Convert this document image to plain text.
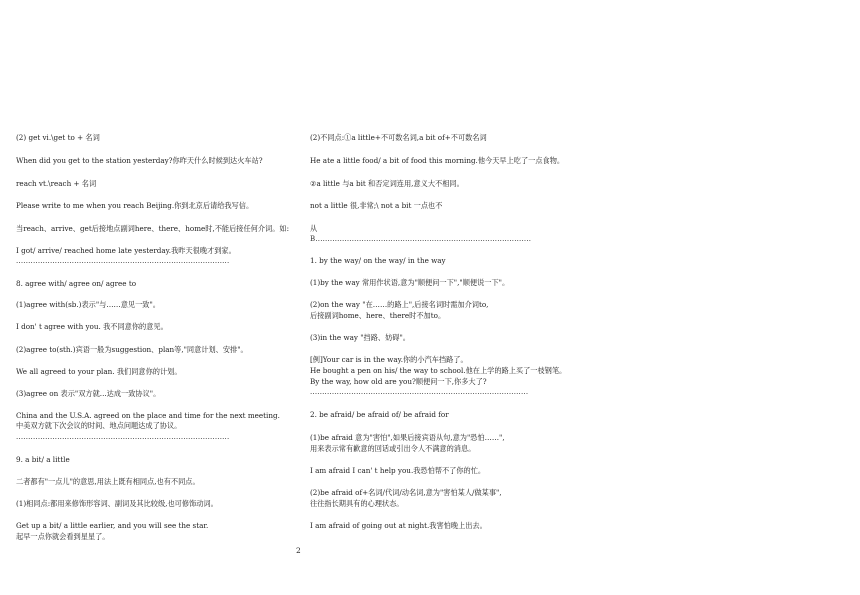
(2) get vi.\get to + 名词
When did you get to the station yesterday?你昨天什么时候到达火车站?
reach vt.\reach + 名词
Please write to me when you reach Beijing.你到北京后请给我写信。
当reach、arrive、get后接地点副词here、there、home时,不能后接任何介词。如:
I got/ arrive/ reached home late yesterday.我昨天很晚才到家。
........................................................................................
8. agree with/ agree on/ agree to
(1)agree with(sb.)表示"与……意见一致"。
I don' t agree with you. 我不同意你的意见。
(2)agree to(sth.)宾语一般为suggestion、plan等,"同意计划、安排"。
We all agreed to your plan. 我们同意你的计划。
(3)agree on 表示"双方就...达成一致协议"。
China and the U.S.A. agreed on the place and time for the next meeting.
中美双方就下次会议的时间、地点问题达成了协议。
........................................................................................
9. a bit/ a little
二者都有"一点儿"的意思,用法上既有相同点,也有不同点。
(1)相同点:都用来修饰形容词、副词及其比较级,也可修饰动词。
Get up a bit/ a little earlier, and you will see the star.
起早一点你就会看到星星了。
(2)不同点:①a little+不可数名词,a bit of+不可数名词
He ate a little food/ a bit of food this morning.他今天早上吃了一点食物。
②a little 与a bit 和否定词连用,意义大不相同。
not a little 很,非常;\ not a bit 一点也不
从
B.........................................................................................
1. by the way/ on the way/ in the way
(1)by the way 常用作状语,意为"顺便问一下","顺便说一下"。
(2)on the way "在……的路上",后接名词时需加介词to,
后接副词home、here、there时不加to。
(3)in the way "挡路、妨碍"。
[例]Your car is in the way.你的小汽车挡路了。
He bought a pen on his/ the way to school.他在上学的路上买了一枝钢笔。
By the way, how old are you?顺便问一下,你多大了?
..........................................................................................
2. be afraid/ be afraid of/ be afraid for
(1)be afraid 意为"害怕",如果后接宾语从句,意为"恐怕……",
用来表示常有歉意的回话或引出令人不满意的消息。
I am afraid I can' t help you.我恐怕帮不了你的忙。
(2)be afraid of+名词/代词/动名词,意为"害怕某人/做某事",
往往指长期具有的心理状态。
I am afraid of going out at night.我害怕晚上出去。
2
